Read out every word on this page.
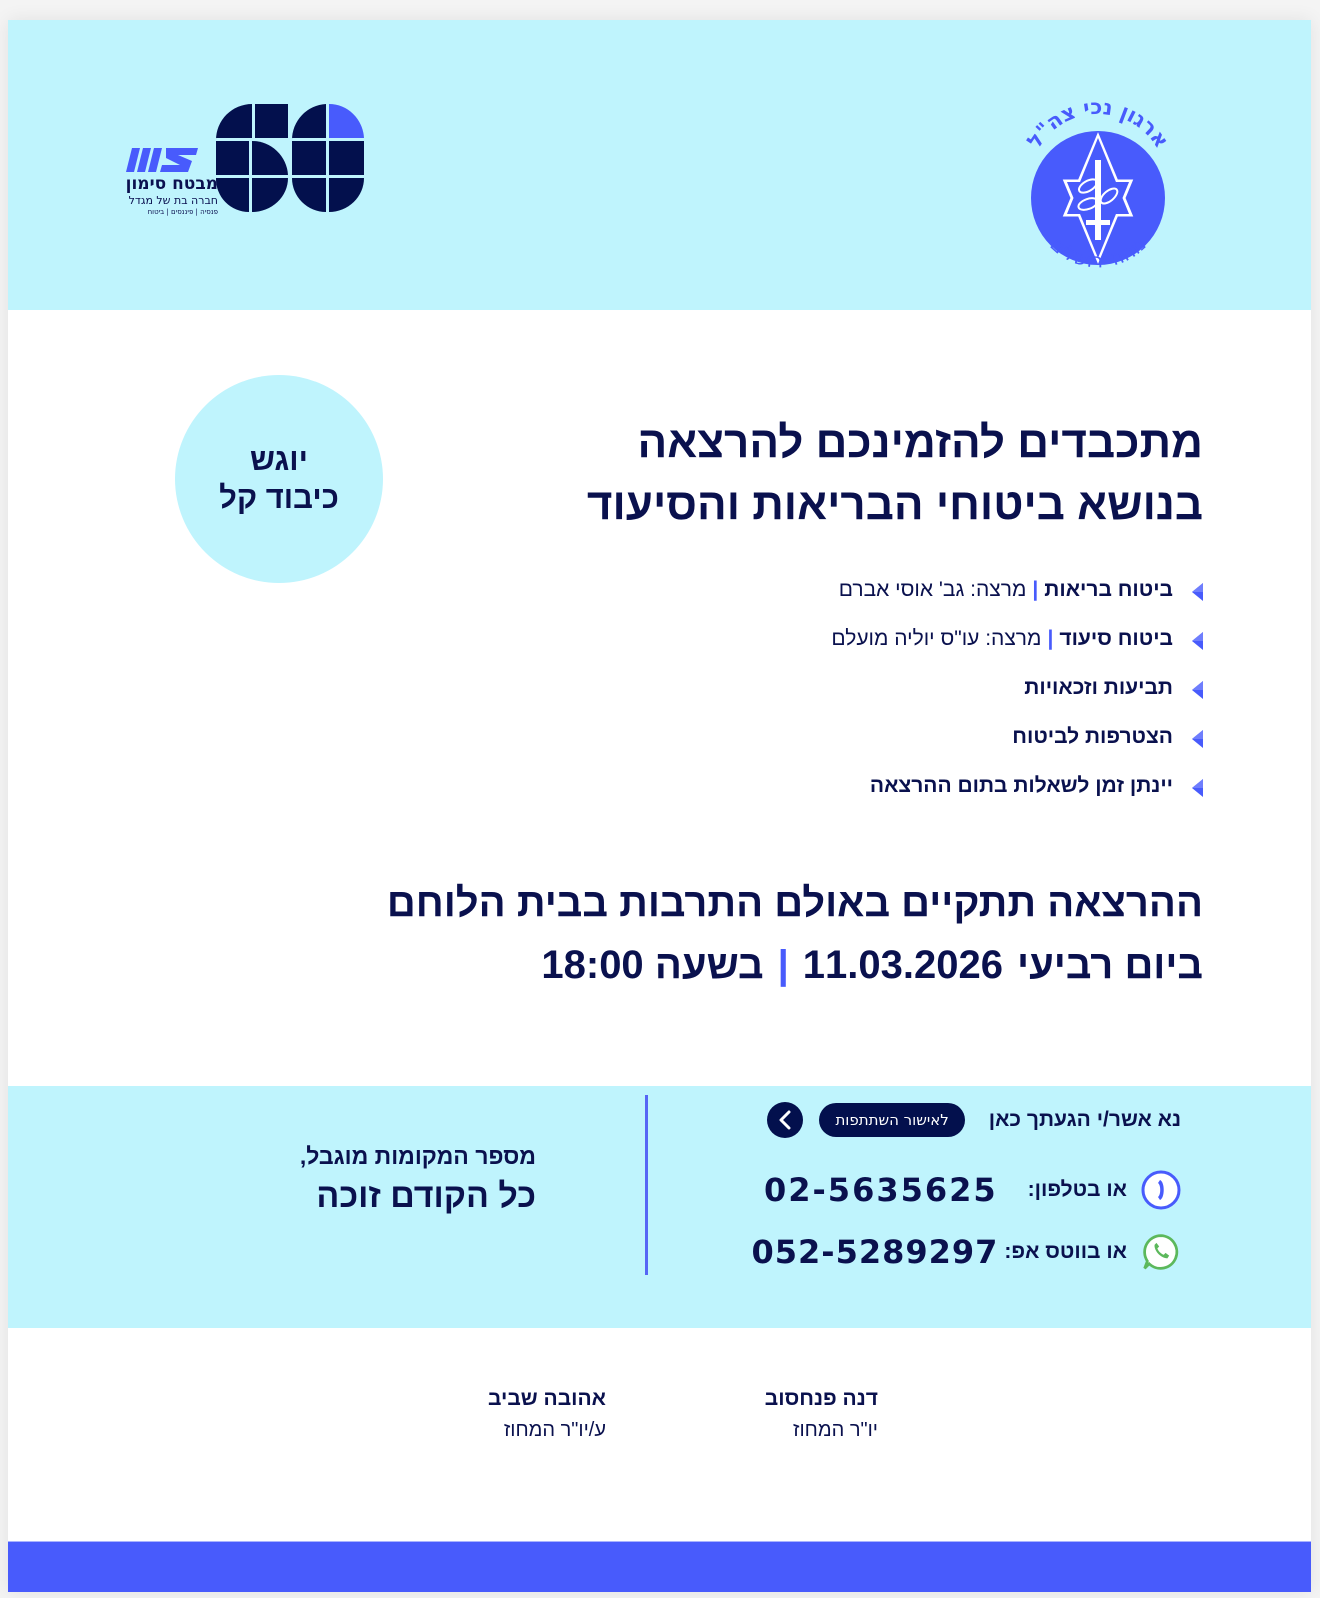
מבטח סימון
חברה בת של מגדל
פנסיה | פיננסים | ביטוח
ארגון נכי צה"ל
מחוז ירושלים
מתכבדים להזמינכם להרצאה
בנושא ביטוחי הבריאות והסיעוד
יוגש
כיבוד קל
ביטוח בריאות
|
מרצה: גב' אוסי אברם
ביטוח סיעוד
|
מרצה: עו"ס יוליה מועלם
תביעות וזכאויות
הצטרפות לביטוח
יינתן זמן לשאלות בתום ההרצאה
ההרצאה תתקיים באולם התרבות בבית הלוחם
ביום רביעי11.03.2026|בשעה 18:00
נא אשר/י הגעתך כאן
לאישור השתתפות
או בטלפון:
02-5635625
או בווטס אפ:
052-5289297
מספר המקומות מוגבל,
כל הקודם זוכה
אהובה שביב
ע/יו"ר המחוז
דנה פנחסוב
יו"ר המחוז
